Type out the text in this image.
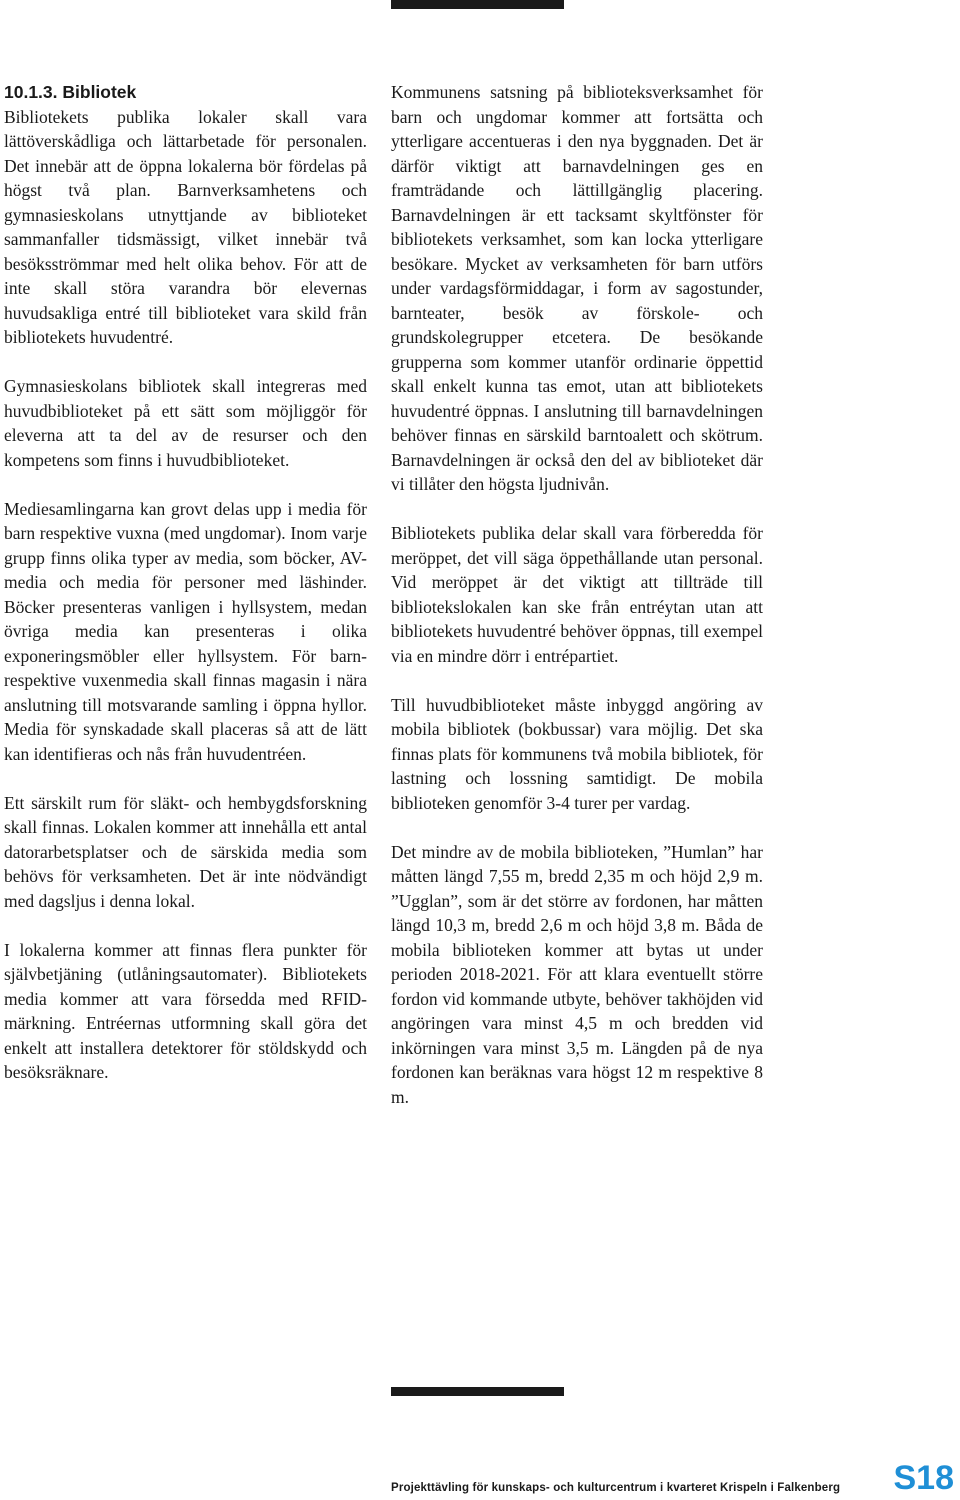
10.1.3. Bibliotek

Bibliotekets publika lokaler skall vara lättöverskådliga och lättarbetade för personalen. Det innebär att de öppna lokalerna bör fördelas på högst två plan. Barnverksamhetens och gymnasieskolans utnyttjande av biblioteket sammanfaller tidsmässigt, vilket innebär två besöksströmmar med helt olika behov. För att de inte skall störa varandra bör elevernas huvudsakliga entré till biblioteket vara skild från bibliotekets huvudentré.

Gymnasieskolans bibliotek skall integreras med huvudbiblioteket på ett sätt som möjliggör för eleverna att ta del av de resurser och den kompetens som finns i huvudbiblioteket.

Mediesamlingarna kan grovt delas upp i media för barn respektive vuxna (med ungdomar). Inom varje grupp finns olika typer av media, som böcker, AV-media och media för personer med läshinder. Böcker presenteras vanligen i hyllsystem, medan övriga media kan presenteras i olika exponeringsmöbler eller hyllsystem. För barn- respektive vuxenmedia skall finnas magasin i nära anslutning till motsvarande samling i öppna hyllor. Media för synskadade skall placeras så att de lätt kan identifieras och nås från huvudentréen.

Ett särskilt rum för släkt- och hembygdsforskning skall finnas. Lokalen kommer att innehålla ett antal datorarbetsplatser och de särskida media som behövs för verksamheten. Det är inte nödvändigt med dagsljus i denna lokal.

I lokalerna kommer att finnas flera punkter för självbetjäning (utlåningsautomater). Bibliotekets media kommer att vara försedda med RFID-märkning. Entréernas utformning skall göra det enkelt att installera detektorer för stöldskydd och besöksräknare.

Kommunens satsning på biblioteksverksamhet för barn och ungdomar kommer att fortsätta och ytterligare accentueras i den nya byggnaden. Det är därför viktigt att barnavdelningen ges en framträdande och lättillgänglig placering. Barnavdelningen är ett tacksamt skyltfönster för bibliotekets verksamhet, som kan locka ytterligare besökare. Mycket av verksamheten för barn utförs under vardagsförmiddagar, i form av sagostunder, barnteater, besök av förskole- och grundskolegrupper etcetera. De besökande grupperna som kommer utanför ordinarie öppettid skall enkelt kunna tas emot, utan att bibliotekets huvudentré öppnas. I anslutning till barnavdelningen behöver finnas en särskild barntoalett och skötrum. Barnavdelningen är också den del av biblioteket där vi tillåter den högsta ljudnivån.

Bibliotekets publika delar skall vara förberedda för meröppet, det vill säga öppethållande utan personal. Vid meröppet är det viktigt att tillträde till bibliotekslokalen kan ske från entréytan utan att bibliotekets huvudentré behöver öppnas, till exempel via en mindre dörr i entrépartiet.

Till huvudbiblioteket måste inbyggd angöring av mobila bibliotek (bokbussar) vara möjlig. Det ska finnas plats för kommunens två mobila bibliotek, för lastning och lossning samtidigt. De mobila biblioteken genomför 3-4 turer per vardag.

Det mindre av de mobila biblioteken, ”Humlan” har måtten längd 7,55 m, bredd 2,35 m och höjd 2,9 m. ”Ugglan”, som är det större av fordonen, har måtten längd 10,3 m, bredd 2,6 m och höjd 3,8 m. Båda de mobila biblioteken kommer att bytas ut under perioden 2018-2021. För att klara eventuellt större fordon vid kommande utbyte, behöver takhöjden vid angöringen vara minst 4,5 m och bredden vid inkörningen vara minst 3,5 m. Längden på de nya fordonen kan beräknas vara högst 12 m respektive 8 m.

Projekttävling för kunskaps- och kulturcentrum i kvarteret Krispeln i Falkenberg S18
